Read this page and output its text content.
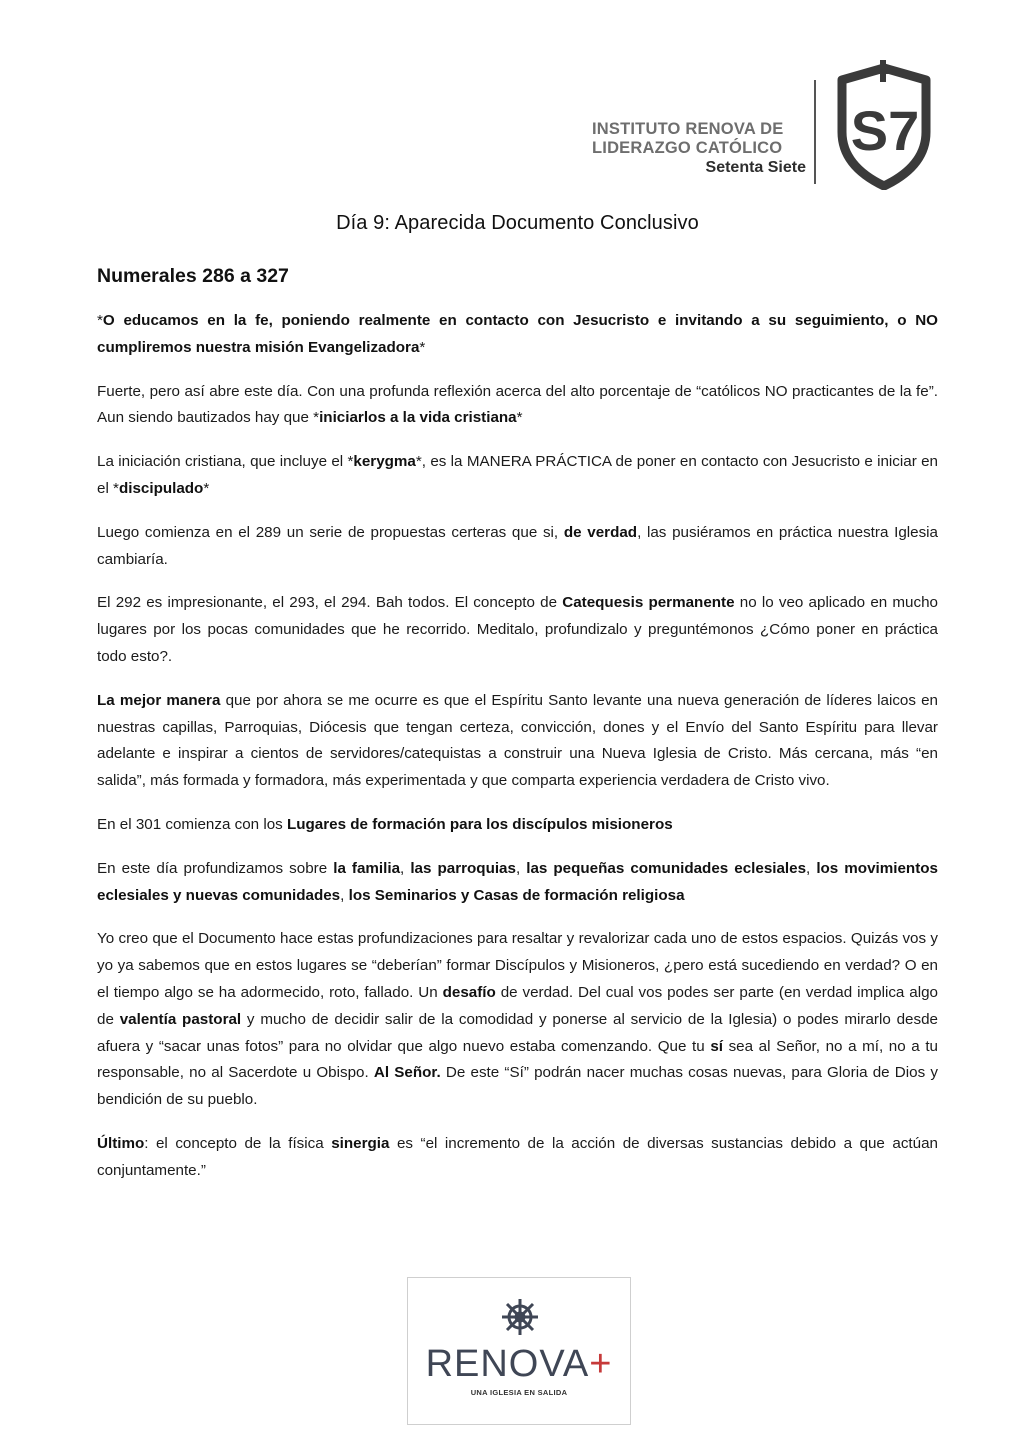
INSTITUTO RENOVA DE
LIDERAZGO CATÓLICO
Setenta Siete
S7
Día 9: Aparecida Documento Conclusivo
Numerales 286 a 327

*O educamos en la fe, poniendo realmente en contacto con Jesucristo e invitando a su seguimiento, o NO cumpliremos nuestra misión Evangelizadora*

Fuerte, pero así abre este día. Con una profunda reflexión acerca del alto porcentaje de “católicos NO practicantes de la fe”. Aun siendo bautizados hay que *iniciarlos a la vida cristiana*

La iniciación cristiana, que incluye el *kerygma*, es la MANERA PRÁCTICA de poner en contacto con Jesucristo e iniciar en el *discipulado*

Luego comienza en el 289 un serie de propuestas certeras que si, de verdad, las pusiéramos en práctica nuestra Iglesia cambiaría.

El 292 es impresionante, el 293, el 294. Bah todos. El concepto de Catequesis permanente no lo veo aplicado en mucho lugares por los pocas comunidades que he recorrido. Meditalo, profundizalo y preguntémonos ¿Cómo poner en práctica todo esto?.

La mejor manera que por ahora se me ocurre es que el Espíritu Santo levante una nueva generación de líderes laicos en nuestras capillas, Parroquias, Diócesis que tengan certeza, convicción, dones y el Envío del Santo Espíritu para llevar adelante e inspirar a cientos de servidores/catequistas a construir una Nueva Iglesia de Cristo. Más cercana, más “en salida”, más formada y formadora, más experimentada y que comparta experiencia verdadera de Cristo vivo.

En el 301 comienza con los Lugares de formación para los discípulos misioneros

En este día profundizamos sobre la familia, las parroquias, las pequeñas comunidades eclesiales, los movimientos eclesiales y nuevas comunidades, los Seminarios y Casas de formación religiosa

Yo creo que el Documento hace estas profundizaciones para resaltar y revalorizar cada uno de estos espacios. Quizás vos y yo ya sabemos que en estos lugares se “deberían” formar Discípulos y Misioneros, ¿pero está sucediendo en verdad? O en el tiempo algo se ha adormecido, roto, fallado. Un desafío de verdad. Del cual vos podes ser parte (en verdad implica algo de valentía pastoral y mucho de decidir salir de la comodidad y ponerse al servicio de la Iglesia) o podes mirarlo desde afuera y “sacar unas fotos” para no olvidar que algo nuevo estaba comenzando. Que tu sí sea al Señor, no a mí, no a tu responsable, no al Sacerdote u Obispo. Al Señor. De este “Sí” podrán nacer muchas cosas nuevas, para Gloria de Dios y bendición de su pueblo.

Último: el concepto de la física sinergia es “el incremento de la acción de diversas sustancias debido a que actúan conjuntamente.”

RENOVA+
UNA IGLESIA EN SALIDA
